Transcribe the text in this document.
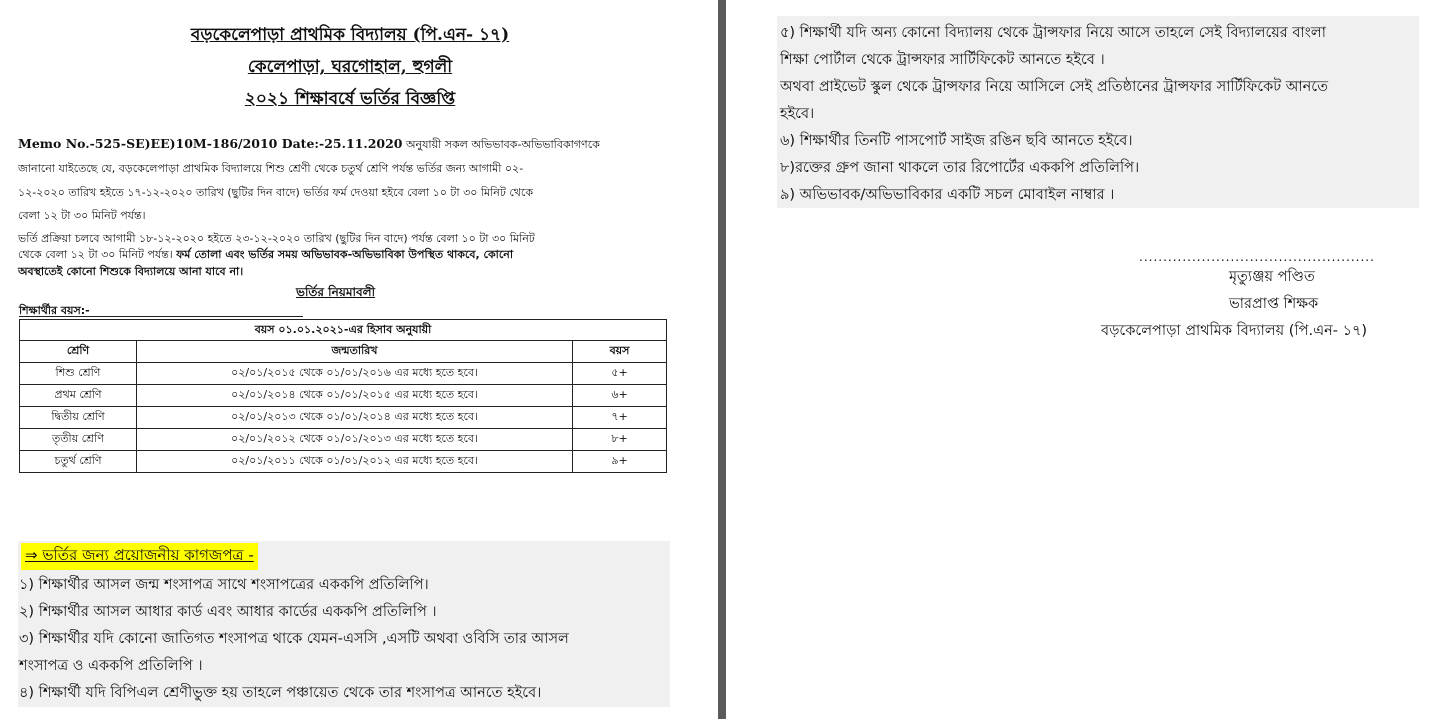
বড়কেলেপাড়া প্রাথমিক বিদ্যালয় (পি.এন- ১৭)
কেলেপাড়া, ঘরগোহাল, হুগলী
২০২১ শিক্ষাবর্ষে ভর্তির বিজ্ঞপ্তি
Memo No.-525-SE)EE)10M-186/2010 Date:-25.11.2020 অনুযায়ী সকল অভিভাবক-অভিভাবিকাগণকে
জানানো যাইতেছে যে, বড়কেলেপাড়া প্রাথমিক বিদ্যালয়ে শিশু শ্রেণী থেকে চতুর্থ শ্রেণি পর্যন্ত ভর্তির জন্য আগামী ০২-
১২-২০২০ তারিখ হইতে ১৭-১২-২০২০ তারিখ (ছুটির দিন বাদে) ভর্তির ফর্ম দেওয়া হইবে বেলা ১০ টা ৩০ মিনিট থেকে
বেলা ১২ টা ৩০ মিনিট পর্যন্ত।
ভর্তি প্রক্রিয়া চলবে আগামী ১৮-১২-২০২০ হইতে ২৩-১২-২০২০ তারিখ (ছুটির দিন বাদে) পর্যন্ত বেলা ১০ টা ৩০ মিনিট
থেকে বেলা ১২ টা ৩০ মিনিট পর্যন্ত। ফর্ম তোলা এবং ভর্তির সময় অভিভাবক-অভিভাবিকা উপস্থিত থাকবে, কোনো
অবস্থাতেই কোনো শিশুকে বিদ্যালয়ে আনা যাবে না।
ভর্তির নিয়মাবলী
শিক্ষার্থীর বয়স:-
বয়স ০১.০১.২০২১-এর হিসাব অনুযায়ী		
শ্রেণি	জন্মতারিখ	বয়স
শিশু শ্রেণি	০২/০১/২০১৫ থেকে ০১/০১/২০১৬ এর মধ্যে হতে হবে।	৫+
প্রথম শ্রেণি	০২/০১/২০১৪ থেকে ০১/০১/২০১৫ এর মধ্যে হতে হবে।	৬+
দ্বিতীয় শ্রেণি	০২/০১/২০১৩ থেকে ০১/০১/২০১৪ এর মধ্যে হতে হবে।	৭+
তৃতীয় শ্রেণি	০২/০১/২০১২ থেকে ০১/০১/২০১৩ এর মধ্যে হতে হবে।	৮+
চতুর্থ শ্রেণি	০২/০১/২০১১ থেকে ০১/০১/২০১২ এর মধ্যে হতে হবে।	৯+
⇒ ভর্তির জন্য প্রয়োজনীয় কাগজপত্র -
১) শিক্ষার্থীর আসল জন্ম শংসাপত্র সাথে শংসাপত্রের এককপি প্রতিলিপি।
২) শিক্ষার্থীর আসল আধার কার্ড এবং আধার কার্ডের এককপি প্রতিলিপি ।
৩) শিক্ষার্থীর যদি কোনো জাতিগত শংসাপত্র থাকে যেমন-এসসি ,এসটি অথবা ওবিসি তার আসল
শংসাপত্র ও এককপি প্রতিলিপি ।
৪) শিক্ষার্থী যদি বিপিএল শ্রেণীভুক্ত হয় তাহলে পঞ্চায়েত থেকে তার শংসাপত্র আনতে হইবে।
৫) শিক্ষার্থী যদি অন্য কোনো বিদ্যালয় থেকে ট্রান্সফার নিয়ে আসে তাহলে সেই বিদ্যালয়ের বাংলা
শিক্ষা পোর্টাল থেকে ট্রান্সফার সার্টিফিকেট আনতে হইবে ।
অথবা প্রাইভেট স্কুল থেকে ট্রান্সফার নিয়ে আসিলে সেই প্রতিষ্ঠানের ট্রান্সফার সার্টিফিকেট আনতে
হইবে।
৬) শিক্ষার্থীর তিনটি পাসপোর্ট সাইজ রঙিন ছবি আনতে হইবে।
৮)রক্তের গ্রুপ জানা থাকলে তার রিপোর্টের এককপি প্রতিলিপি।
৯) অভিভাবক/অভিভাবিকার একটি সচল মোবাইল নাম্বার ।
.................................................
মৃত্যুঞ্জয় পণ্ডিত
ভারপ্রাপ্ত শিক্ষক
বড়কেলেপাড়া প্রাথমিক বিদ্যালয় (পি.এন- ১৭)
